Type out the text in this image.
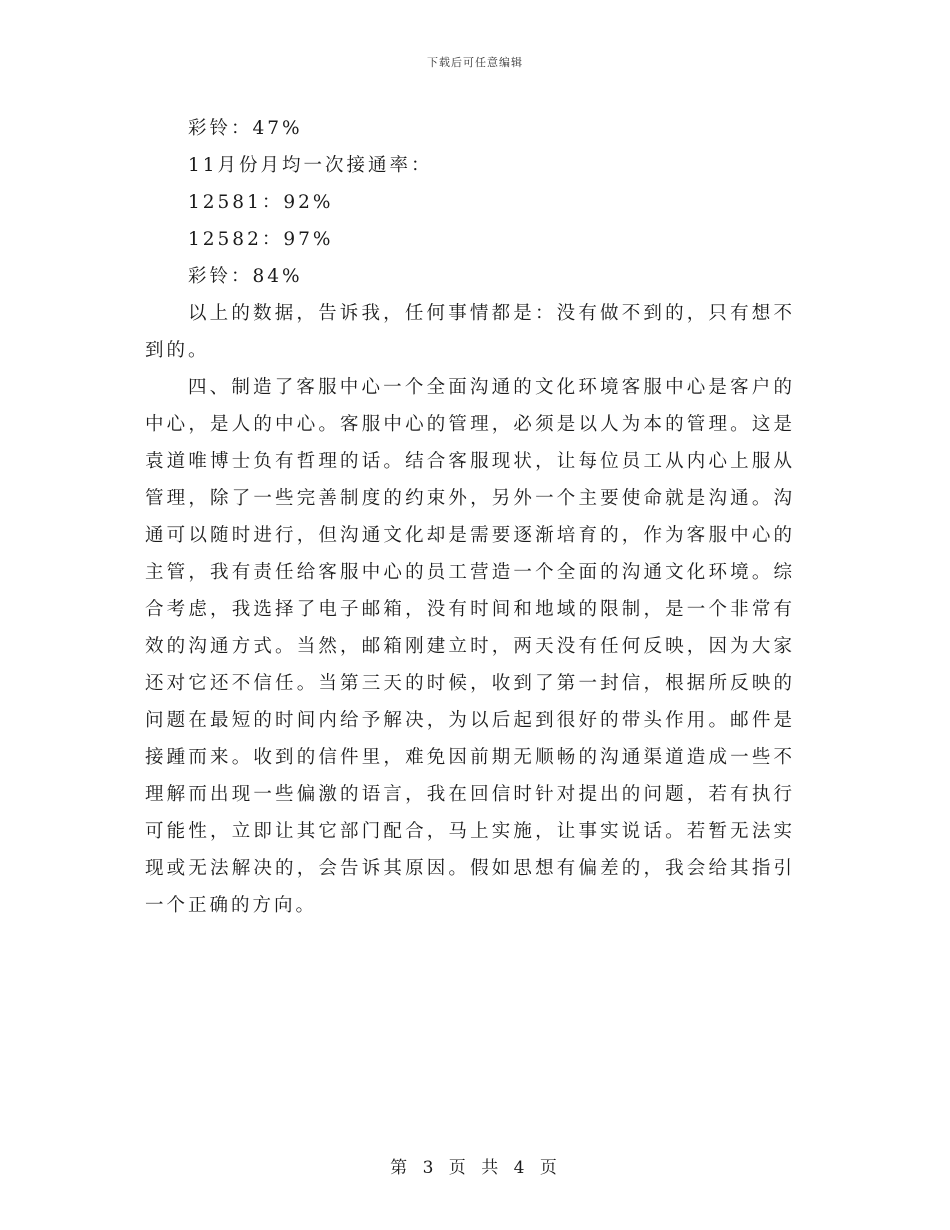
下载后可任意编辑

彩铃：47%

11月份月均一次接通率：

12581：92%

12582：97%

彩铃：84%

以上的数据，告诉我，任何事情都是：没有做不到的，只有想不到的。

四、制造了客服中心一个全面沟通的文化环境客服中心是客户的中心，是人的中心。客服中心的管理，必须是以人为本的管理。这是袁道唯博士负有哲理的话。结合客服现状，让每位员工从内心上服从管理，除了一些完善制度的约束外，另外一个主要使命就是沟通。沟通可以随时进行，但沟通文化却是需要逐渐培育的，作为客服中心的主管，我有责任给客服中心的员工营造一个全面的沟通文化环境。综合考虑，我选择了电子邮箱，没有时间和地域的限制，是一个非常有效的沟通方式。当然，邮箱刚建立时，两天没有任何反映，因为大家还对它还不信任。当第三天的时候，收到了第一封信，根据所反映的问题在最短的时间内给予解决，为以后起到很好的带头作用。邮件是接踵而来。收到的信件里，难免因前期无顺畅的沟通渠道造成一些不理解而出现一些偏激的语言，我在回信时针对提出的问题，若有执行可能性，立即让其它部门配合，马上实施，让事实说话。若暂无法实现或无法解决的，会告诉其原因。假如思想有偏差的，我会给其指引一个正确的方向。

第 3 页 共 4 页
